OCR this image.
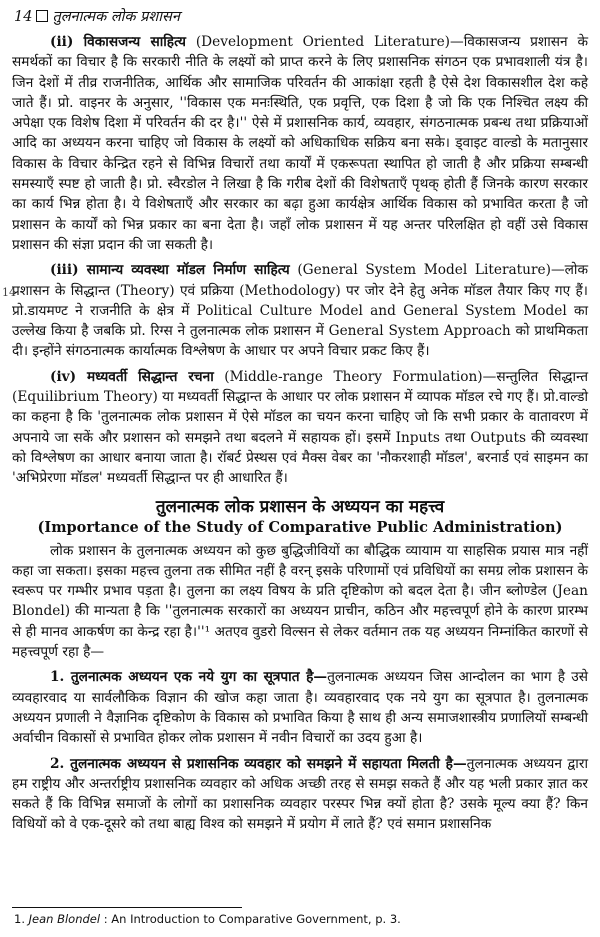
14 तुलनात्मक लोक प्रशासन

(ii) विकासजन्य साहित्य (Development Oriented Literature)—विकासजन्य प्रशासन के समर्थकों का विचार है कि सरकारी नीति के लक्ष्यों को प्राप्त करने के लिए प्रशासनिक संगठन एक प्रभावशाली यंत्र है। जिन देशों में तीव्र राजनीतिक, आर्थिक और सामाजिक परिवर्तन की आकांक्षा रहती है ऐसे देश विकासशील देश कहे जाते हैं। प्रो. वाइनर के अनुसार, ''विकास एक मनःस्थिति, एक प्रवृत्ति, एक दिशा है जो कि एक निश्चित लक्ष्य की अपेक्षा एक विशेष दिशा में परिवर्तन की दर है।'' ऐसे में प्रशासनिक कार्य, व्यवहार, संगठनात्मक प्रबन्ध तथा प्रक्रियाओं आदि का अध्ययन करना चाहिए जो विकास के लक्ष्यों को अधिकाधिक सक्रिय बना सके। ड्वाइट वाल्डो के मतानुसार विकास के विचार केन्द्रित रहने से विभिन्न विचारों तथा कार्यों में एकरूपता स्थापित हो जाती है और प्रक्रिया सम्बन्धी समस्याएँ स्पष्ट हो जाती है। प्रो. स्वैरडोल ने लिखा है कि गरीब देशों की विशेषताएँ पृथक् होती हैं जिनके कारण सरकार का कार्य भिन्न होता है। ये विशेषताएँ और सरकार का बढ़ा हुआ कार्यक्षेत्र आर्थिक विकास को प्रभावित करता है जो प्रशासन के कार्यों को भिन्न प्रकार का बना देता है। जहाँ लोक प्रशासन में यह अन्तर परिलक्षित हो वहीं उसे विकास प्रशासन की संज्ञा प्रदान की जा सकती है।

(iii) सामान्य व्यवस्था मॉडल निर्माण साहित्य (General System Model Literature)—लोक प्रशासन के सिद्धान्त (Theory) एवं प्रक्रिया (Methodology) पर जोर देने हेतु अनेक मॉडल तैयार किए गए हैं। प्रो.डायमण्ट ने राजनीति के क्षेत्र में Political Culture Model and General System Model का उल्लेख किया है जबकि प्रो. रिग्स ने तुलनात्मक लोक प्रशासन में General System Approach को प्राथमिकता दी। इन्होंने संगठनात्मक कार्यात्मक विश्लेषण के आधार पर अपने विचार प्रकट किए हैं।

(iv) मध्यवर्ती सिद्धान्त रचना (Middle-range Theory Formulation)—सन्तुलित सिद्धान्त (Equilibrium Theory) या मध्यवर्ती सिद्धान्त के आधार पर लोक प्रशासन में व्यापक मॉडल रचे गए हैं। प्रो.वाल्डो का कहना है कि 'तुलनात्मक लोक प्रशासन में ऐसे मॉडल का चयन करना चाहिए जो कि सभी प्रकार के वातावरण में अपनाये जा सकें और प्रशासन को समझने तथा बदलने में सहायक हों। इसमें Inputs तथा Outputs की व्यवस्था को विश्लेषण का आधार बनाया जाता है। रॉबर्ट प्रेस्थस एवं मैक्स वेबर का 'नौकरशाही मॉडल', बरनार्ड एवं साइमन का 'अभिप्रेरणा मॉडल' मध्यवर्ती सिद्धान्त पर ही आधारित हैं।

तुलनात्मक लोक प्रशासन के अध्ययन का महत्त्व
(Importance of the Study of Comparative Public Administration)

लोक प्रशासन के तुलनात्मक अध्ययन को कुछ बुद्धिजीवियों का बौद्धिक व्यायाम या साहसिक प्रयास मात्र नहीं कहा जा सकता। इसका महत्त्व तुलना तक सीमित नहीं है वरन् इसके परिणामों एवं प्रविधियों का समग्र लोक प्रशासन के स्वरूप पर गम्भीर प्रभाव पड़ता है। तुलना का लक्ष्य विषय के प्रति दृष्टिकोण को बदल देता है। जीन ब्लोण्डेल (Jean Blondel) की मान्यता है कि ''तुलनात्मक सरकारों का अध्ययन प्राचीन, कठिन और महत्त्वपूर्ण होने के कारण प्रारम्भ से ही मानव आकर्षण का केन्द्र रहा है।''¹ अतएव वुडरो विल्सन से लेकर वर्तमान तक यह अध्ययन निम्नांकित कारणों से महत्त्वपूर्ण रहा है—

1. तुलनात्मक अध्ययन एक नये युग का सूत्रपात है—तुलनात्मक अध्ययन जिस आन्दोलन का भाग है उसे व्यवहारवाद या सार्वलौकिक विज्ञान की खोज कहा जाता है। व्यवहारवाद एक नये युग का सूत्रपात है। तुलनात्मक अध्ययन प्रणाली ने वैज्ञानिक दृष्टिकोण के विकास को प्रभावित किया है साथ ही अन्य समाजशास्त्रीय प्रणालियों सम्बन्धी अर्वाचीन विकासों से प्रभावित होकर लोक प्रशासन में नवीन विचारों का उदय हुआ है।

2. तुलनात्मक अध्ययन से प्रशासनिक व्यवहार को समझने में सहायता मिलती है—तुलनात्मक अध्ययन द्वारा हम राष्ट्रीय और अन्तर्राष्ट्रीय प्रशासनिक व्यवहार को अधिक अच्छी तरह से समझ सकते हैं और यह भली प्रकार ज्ञात कर सकते हैं कि विभिन्न समाजों के लोगों का प्रशासनिक व्यवहार परस्पर भिन्न क्यों होता है? उसके मूल्य क्या हैं? किन विधियों को वे एक-दूसरे को तथा बाह्य विश्व को समझने में प्रयोग में लाते हैं? एवं समान प्रशासनिक

14
1. Jean Blondel : An Introduction to Comparative Government, p. 3.
